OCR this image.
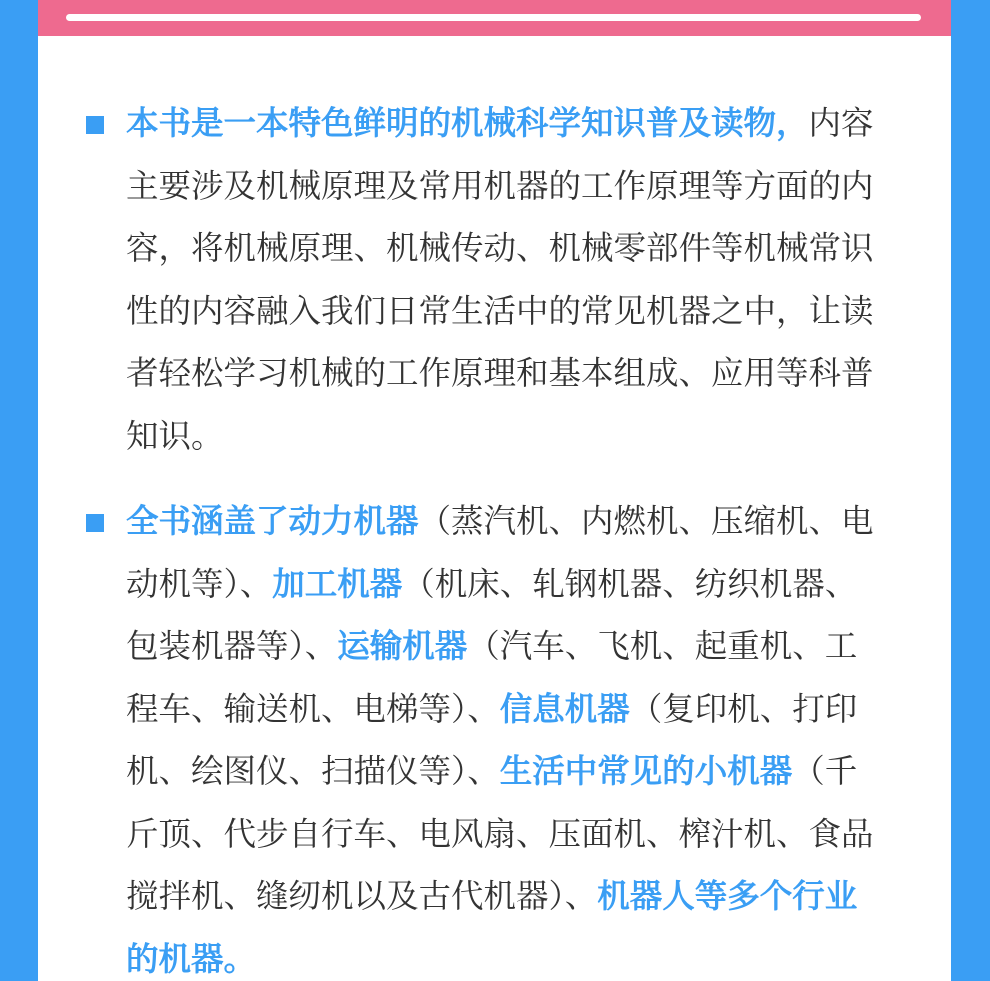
本书是一本特色鲜明的机械科学知识普及读物，内容主要涉及机械原理及常用机器的工作原理等方面的内容，将机械原理、机械传动、机械零部件等机械常识性的内容融入我们日常生活中的常见机器之中，让读者轻松学习机械的工作原理和基本组成、应用等科普知识。

全书涵盖了动力机器（蒸汽机、内燃机、压缩机、电动机等）、加工机器（机床、轧钢机器、纺织机器、包装机器等）、运输机器（汽车、飞机、起重机、工程车、输送机、电梯等）、信息机器（复印机、打印机、绘图仪、扫描仪等）、生活中常见的小机器（千斤顶、代步自行车、电风扇、压面机、榨汁机、食品搅拌机、缝纫机以及古代机器）、机器人等多个行业的机器。
